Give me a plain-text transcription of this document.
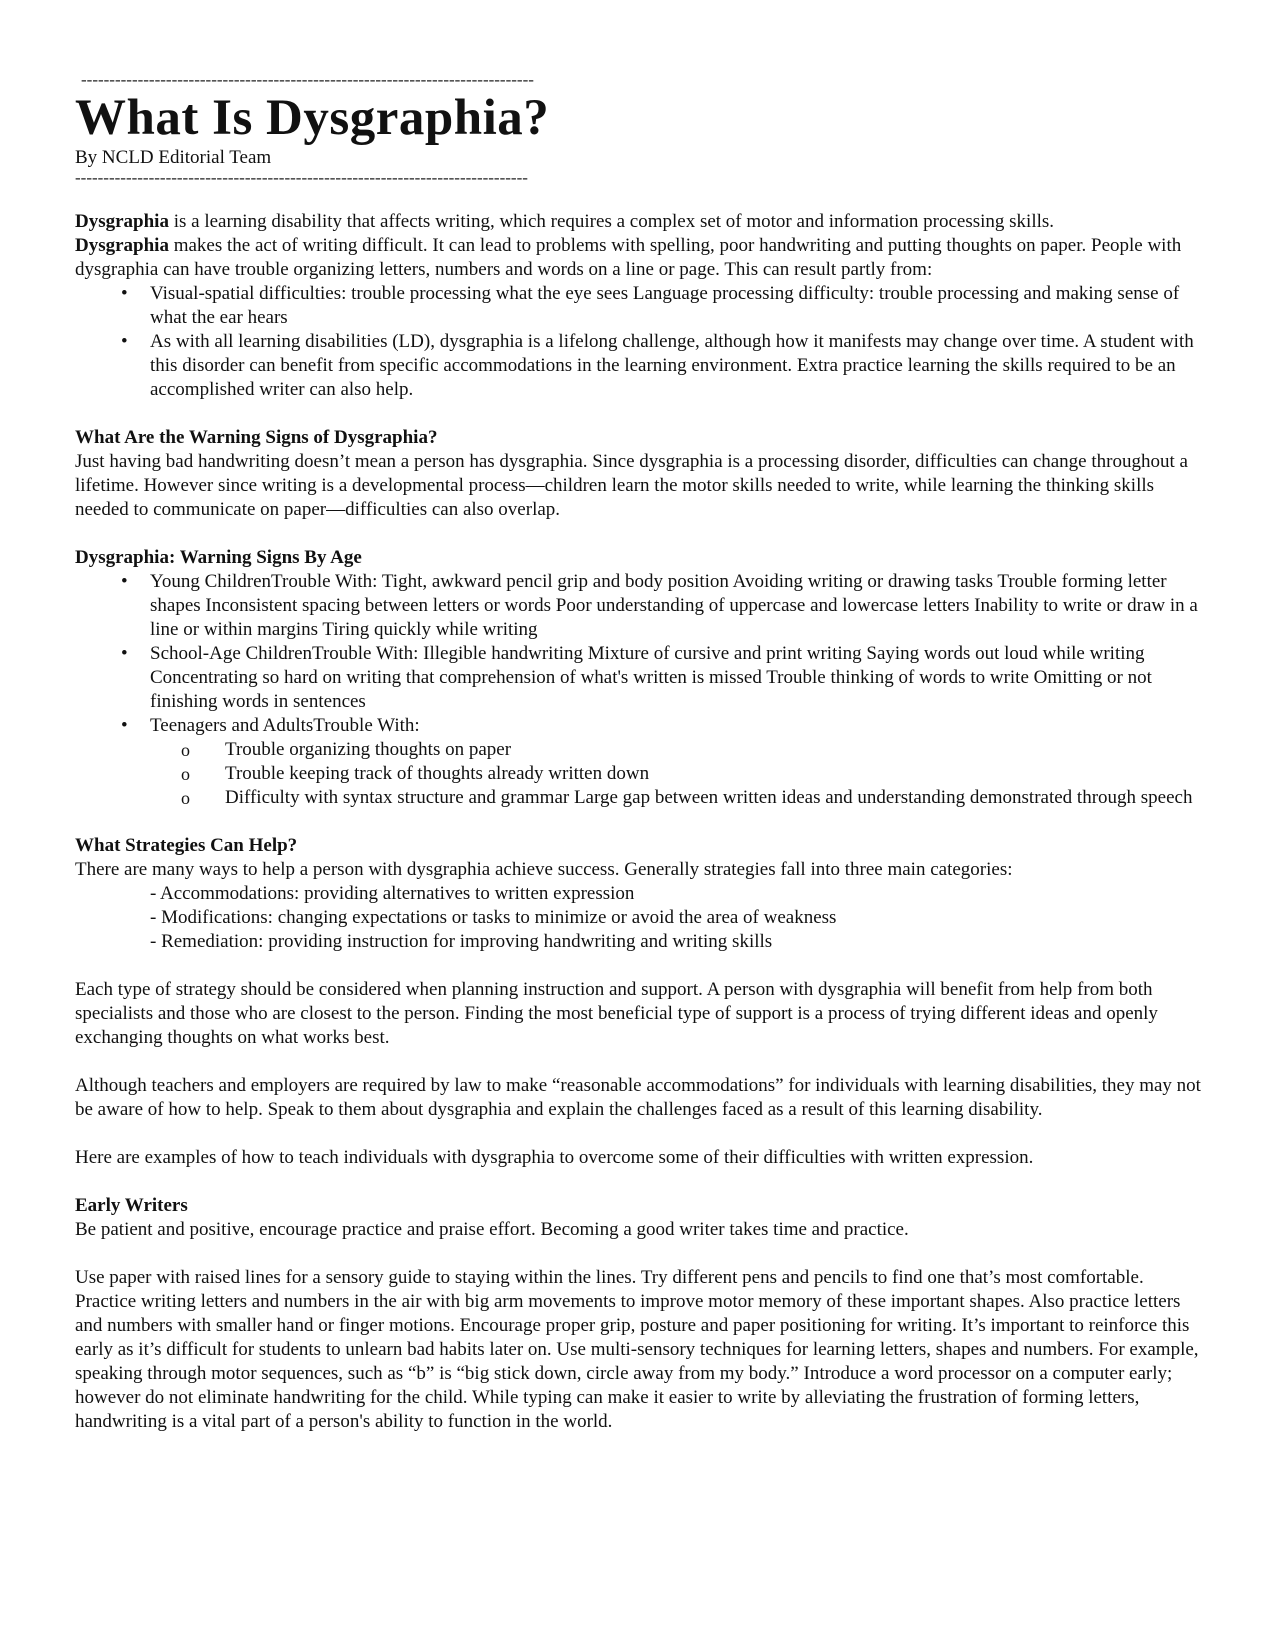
--------------------------------------------------------------------------------
What Is Dysgraphia?
By NCLD Editorial Team
--------------------------------------------------------------------------------

Dysgraphia is a learning disability that affects writing, which requires a complex set of motor and information processing skills.
Dysgraphia makes the act of writing difficult. It can lead to problems with spelling, poor handwriting and putting thoughts on paper. People with dysgraphia can have trouble organizing letters, numbers and words on a line or page. This can result partly from:

• Visual-spatial difficulties: trouble processing what the eye sees Language processing difficulty: trouble processing and making sense of what the ear hears
• As with all learning disabilities (LD), dysgraphia is a lifelong challenge, although how it manifests may change over time. A student with this disorder can benefit from specific accommodations in the learning environment. Extra practice learning the skills required to be an accomplished writer can also help.
What Are the Warning Signs of Dysgraphia?

Just having bad handwriting doesn’t mean a person has dysgraphia. Since dysgraphia is a processing disorder, difficulties can change throughout a lifetime. However since writing is a developmental process—children learn the motor skills needed to write, while learning the thinking skills needed to communicate on paper—difficulties can also overlap.

Dysgraphia: Warning Signs By Age
• Young ChildrenTrouble With: Tight, awkward pencil grip and body position Avoiding writing or drawing tasks Trouble forming letter shapes Inconsistent spacing between letters or words Poor understanding of uppercase and lowercase letters Inability to write or draw in a line or within margins Tiring quickly while writing
• School-Age ChildrenTrouble With: Illegible handwriting Mixture of cursive and print writing Saying words out loud while writing Concentrating so hard on writing that comprehension of what's written is missed Trouble thinking of words to write Omitting or not finishing words in sentences
• Teenagers and AdultsTrouble With:
o Trouble organizing thoughts on paper
o Trouble keeping track of thoughts already written down
o Difficulty with syntax structure and grammar Large gap between written ideas and understanding demonstrated through speech
What Strategies Can Help?

There are many ways to help a person with dysgraphia achieve success. Generally strategies fall into three main categories:

- Accommodations: providing alternatives to written expression

- Modifications: changing expectations or tasks to minimize or avoid the area of weakness

- Remediation: providing instruction for improving handwriting and writing skills

Each type of strategy should be considered when planning instruction and support. A person with dysgraphia will benefit from help from both specialists and those who are closest to the person. Finding the most beneficial type of support is a process of trying different ideas and openly exchanging thoughts on what works best.

Although teachers and employers are required by law to make “reasonable accommodations” for individuals with learning disabilities, they may not be aware of how to help. Speak to them about dysgraphia and explain the challenges faced as a result of this learning disability.

Here are examples of how to teach individuals with dysgraphia to overcome some of their difficulties with written expression.

Early Writers

Be patient and positive, encourage practice and praise effort. Becoming a good writer takes time and practice.

Use paper with raised lines for a sensory guide to staying within the lines. Try different pens and pencils to find one that’s most comfortable. Practice writing letters and numbers in the air with big arm movements to improve motor memory of these important shapes. Also practice letters and numbers with smaller hand or finger motions. Encourage proper grip, posture and paper positioning for writing. It’s important to reinforce this early as it’s difficult for students to unlearn bad habits later on. Use multi-sensory techniques for learning letters, shapes and numbers. For example, speaking through motor sequences, such as “b” is “big stick down, circle away from my body.” Introduce a word processor on a computer early; however do not eliminate handwriting for the child. While typing can make it easier to write by alleviating the frustration of forming letters, handwriting is a vital part of a person's ability to function in the world.
